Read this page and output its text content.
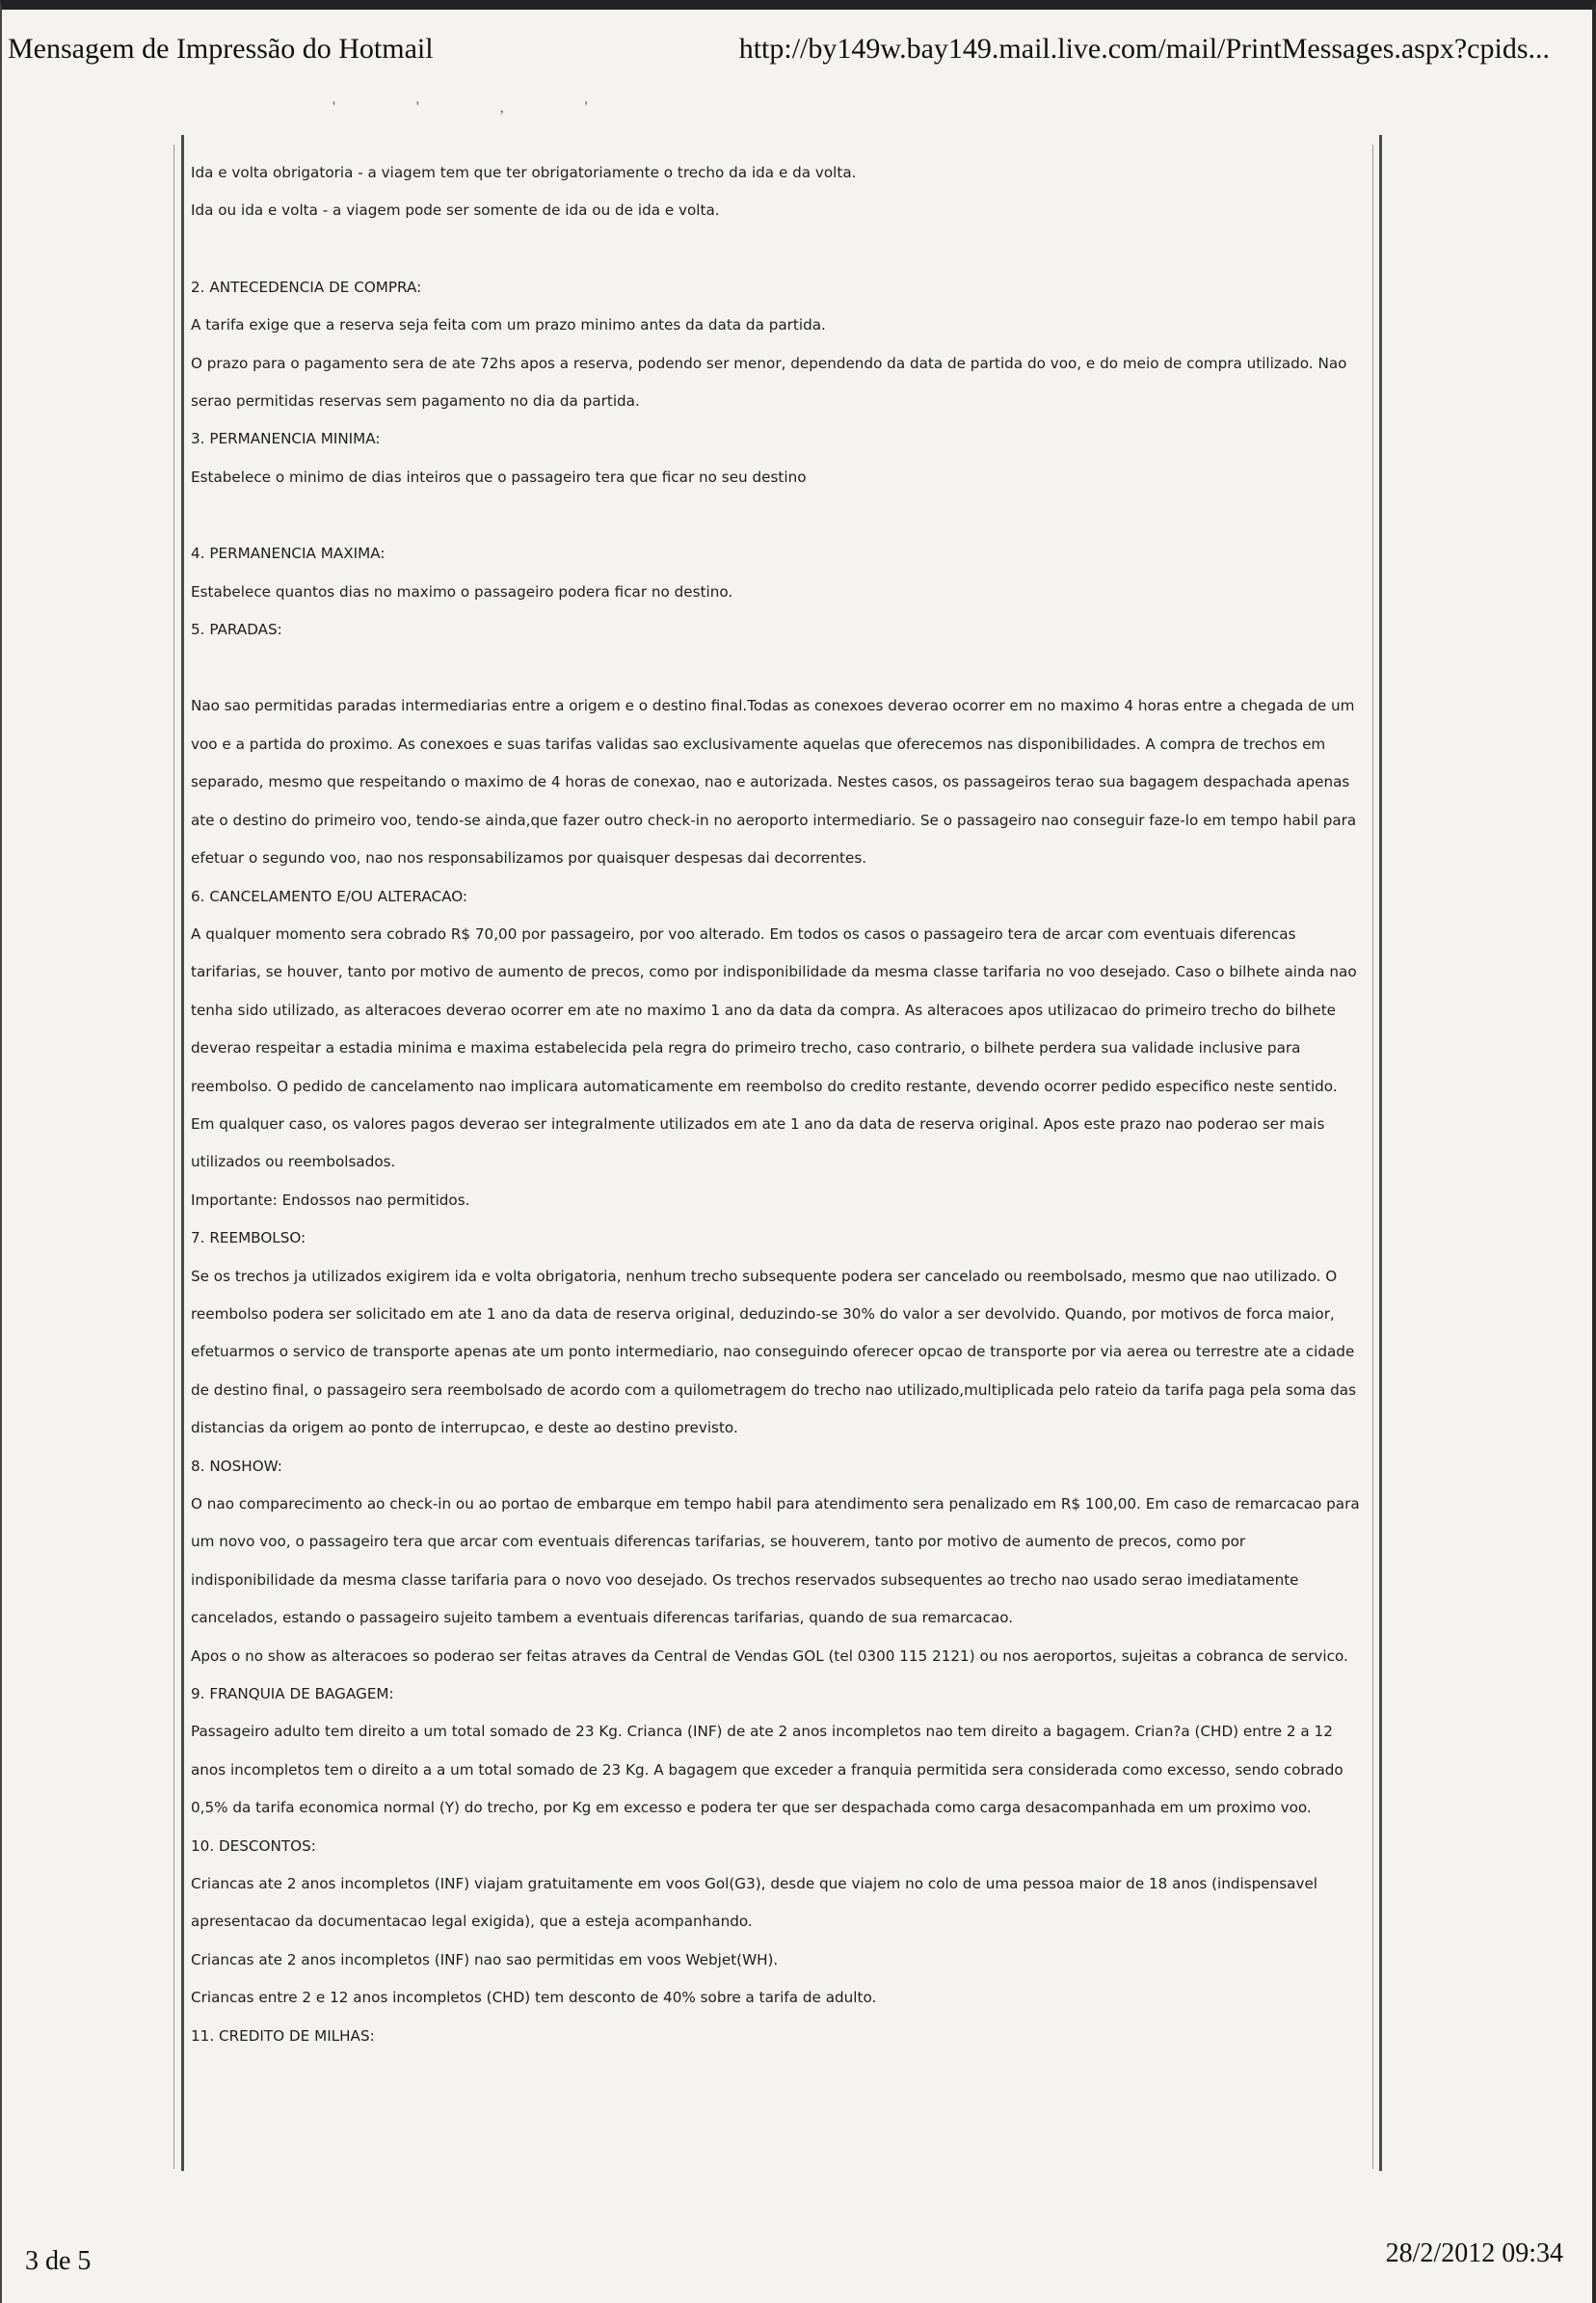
Mensagem de Impressão do Hotmail	http://by149w.bay149.mail.live.com/mail/PrintMessages.aspx?cpids...
' ' , '

Ida e volta obrigatoria - a viagem tem que ter obrigatoriamente o trecho da ida e da volta.

Ida ou ida e volta - a viagem pode ser somente de ida ou de ida e volta.

2. ANTECEDENCIA DE COMPRA:

A tarifa exige que a reserva seja feita com um prazo minimo antes da data da partida.

O prazo para o pagamento sera de ate 72hs apos a reserva, podendo ser menor, dependendo da data de partida do voo, e do meio de compra utilizado. Nao serao permitidas reservas sem pagamento no dia da partida.

3. PERMANENCIA MINIMA:

Estabelece o minimo de dias inteiros que o passageiro tera que ficar no seu destino

4. PERMANENCIA MAXIMA:

Estabelece quantos dias no maximo o passageiro podera ficar no destino.

5. PARADAS:

Nao sao permitidas paradas intermediarias entre a origem e o destino final.Todas as conexoes deverao ocorrer em no maximo 4 horas entre a chegada de um voo e a partida do proximo. As conexoes e suas tarifas validas sao exclusivamente aquelas que oferecemos nas disponibilidades. A compra de trechos em separado, mesmo que respeitando o maximo de 4 horas de conexao, nao e autorizada. Nestes casos, os passageiros terao sua bagagem despachada apenas ate o destino do primeiro voo, tendo-se ainda,que fazer outro check-in no aeroporto intermediario. Se o passageiro nao conseguir faze-lo em tempo habil para efetuar o segundo voo, nao nos responsabilizamos por quaisquer despesas dai decorrentes.

6. CANCELAMENTO E/OU ALTERACAO:

A qualquer momento sera cobrado R$ 70,00 por passageiro, por voo alterado. Em todos os casos o passageiro tera de arcar com eventuais diferencas tarifarias, se houver, tanto por motivo de aumento de precos, como por indisponibilidade da mesma classe tarifaria no voo desejado. Caso o bilhete ainda nao tenha sido utilizado, as alteracoes deverao ocorrer em ate no maximo 1 ano da data da compra. As alteracoes apos utilizacao do primeiro trecho do bilhete deverao respeitar a estadia minima e maxima estabelecida pela regra do primeiro trecho, caso contrario, o bilhete perdera sua validade inclusive para reembolso. O pedido de cancelamento nao implicara automaticamente em reembolso do credito restante, devendo ocorrer pedido especifico neste sentido.

Em qualquer caso, os valores pagos deverao ser integralmente utilizados em ate 1 ano da data de reserva original. Apos este prazo nao poderao ser mais utilizados ou reembolsados.

Importante: Endossos nao permitidos.

7. REEMBOLSO:

Se os trechos ja utilizados exigirem ida e volta obrigatoria, nenhum trecho subsequente podera ser cancelado ou reembolsado, mesmo que nao utilizado. O reembolso podera ser solicitado em ate 1 ano da data de reserva original, deduzindo-se 30% do valor a ser devolvido. Quando, por motivos de forca maior, efetuarmos o servico de transporte apenas ate um ponto intermediario, nao conseguindo oferecer opcao de transporte por via aerea ou terrestre ate a cidade de destino final, o passageiro sera reembolsado de acordo com a quilometragem do trecho nao utilizado,multiplicada pelo rateio da tarifa paga pela soma das distancias da origem ao ponto de interrupcao, e deste ao destino previsto.

8. NOSHOW:

O nao comparecimento ao check-in ou ao portao de embarque em tempo habil para atendimento sera penalizado em R$ 100,00. Em caso de remarcacao para um novo voo, o passageiro tera que arcar com eventuais diferencas tarifarias, se houverem, tanto por motivo de aumento de precos, como por indisponibilidade da mesma classe tarifaria para o novo voo desejado. Os trechos reservados subsequentes ao trecho nao usado serao imediatamente cancelados, estando o passageiro sujeito tambem a eventuais diferencas tarifarias, quando de sua remarcacao.

Apos o no show as alteracoes so poderao ser feitas atraves da Central de Vendas GOL (tel 0300 115 2121) ou nos aeroportos, sujeitas a cobranca de servico.

9. FRANQUIA DE BAGAGEM:

Passageiro adulto tem direito a um total somado de 23 Kg. Crianca (INF) de ate 2 anos incompletos nao tem direito a bagagem. Crian?a (CHD) entre 2 a 12 anos incompletos tem o direito a a um total somado de 23 Kg. A bagagem que exceder a franquia permitida sera considerada como excesso, sendo cobrado 0,5% da tarifa economica normal (Y) do trecho, por Kg em excesso e podera ter que ser despachada como carga desacompanhada em um proximo voo.

10. DESCONTOS:

Criancas ate 2 anos incompletos (INF) viajam gratuitamente em voos Gol(G3), desde que viajem no colo de uma pessoa maior de 18 anos (indispensavel apresentacao da documentacao legal exigida), que a esteja acompanhando.

Criancas ate 2 anos incompletos (INF) nao sao permitidas em voos Webjet(WH).

Criancas entre 2 e 12 anos incompletos (CHD) tem desconto de 40% sobre a tarifa de adulto.

11. CREDITO DE MILHAS:

3 de 5	28/2/2012 09:34
